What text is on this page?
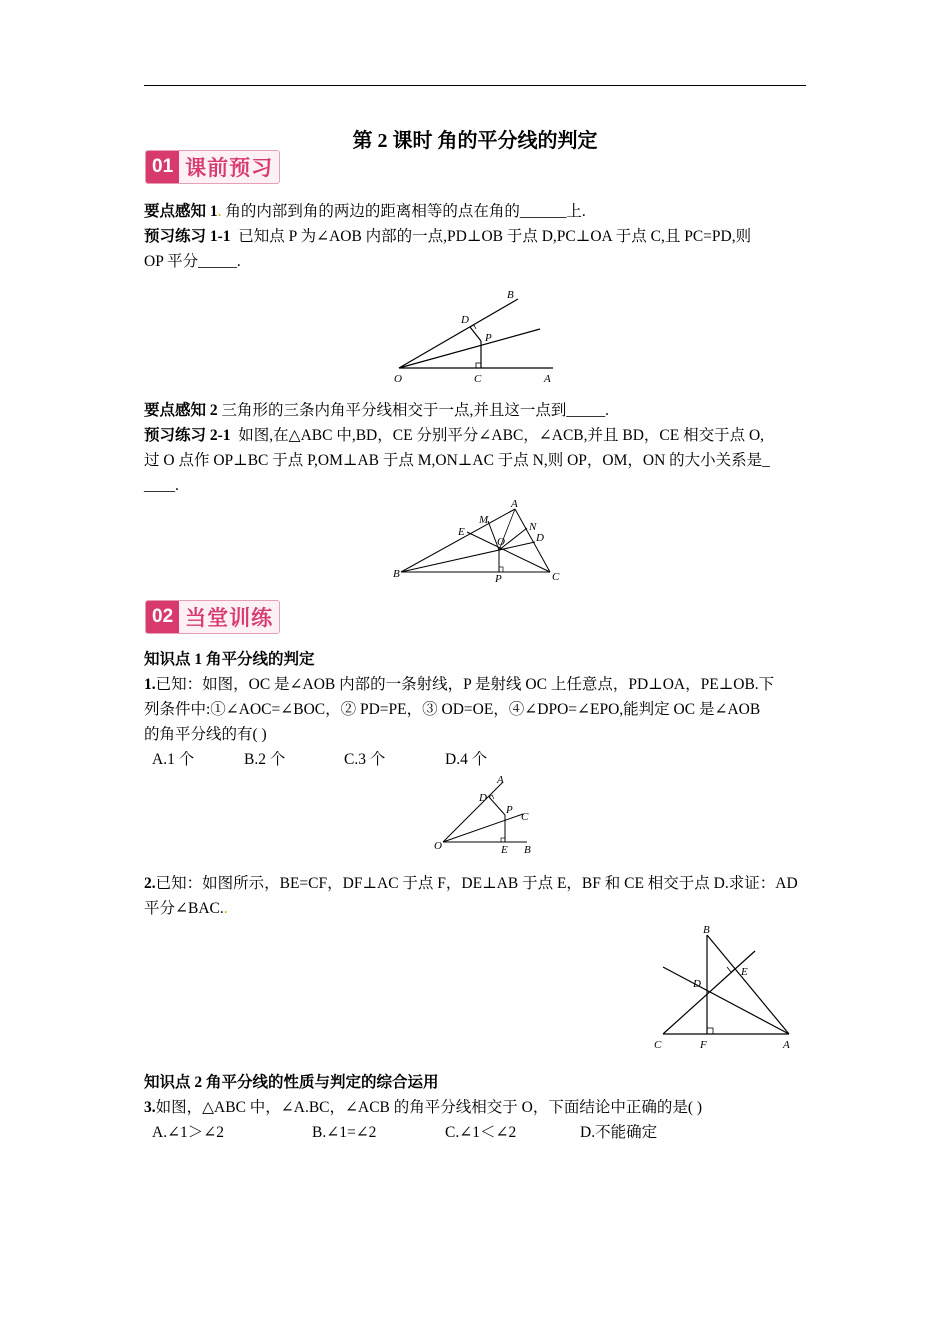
第 2 课时 角的平分线的判定
01 课前预习
要点感知 1. 角的内部到角的两边的距离相等的点在角的______上.
预习练习 1-1 已知点 P 为∠AOB 内部的一点,PD⊥OB 于点 D,PC⊥OA 于点 C,且 PC=PD,则
OP 平分_____.
B
D
P
O	C	A
要点感知 2 三角形的三条内角平分线相交于一点,并且这一点到_____.
预习练习 2-1 如图,在△ABC 中,BD，CE 分别平分∠ABC，∠ACB,并且 BD，CE 相交于点 O,
过 O 点作 OP⊥BC 于点 P,OM⊥AB 于点 M,ON⊥AC 于点 N,则 OP，OM，ON 的大小关系是_
____.
A
M
E	N
D
O
B	P	C
02 当堂训练
知识点 1 角平分线的判定
1.已知：如图，OC 是∠AOB 内部的一条射线，P 是射线 OC 上任意点，PD⊥OA，PE⊥OB.下
列条件中:①∠AOC=∠BOC，② PD=PE，③ OD=OE，④∠DPO=∠EPO,能判定 OC 是∠AOB
的角平分线的有( )
A.1 个	B.2 个	C.3 个	D.4 个
A
D
P
C
O	E B
2.已知：如图所示，BE=CF，DF⊥AC 于点 F，DE⊥AB 于点 E，BF 和 CE 相交于点 D.求证：AD
平分∠BAC..
B
E
D
C	F	A
知识点 2 角平分线的性质与判定的综合运用
3.如图，△ABC 中，∠A.BC，∠ACB 的角平分线相交于 O，下面结论中正确的是( )
A.∠1＞∠2	B.∠1=∠2	C.∠1＜∠2	D.不能确定
